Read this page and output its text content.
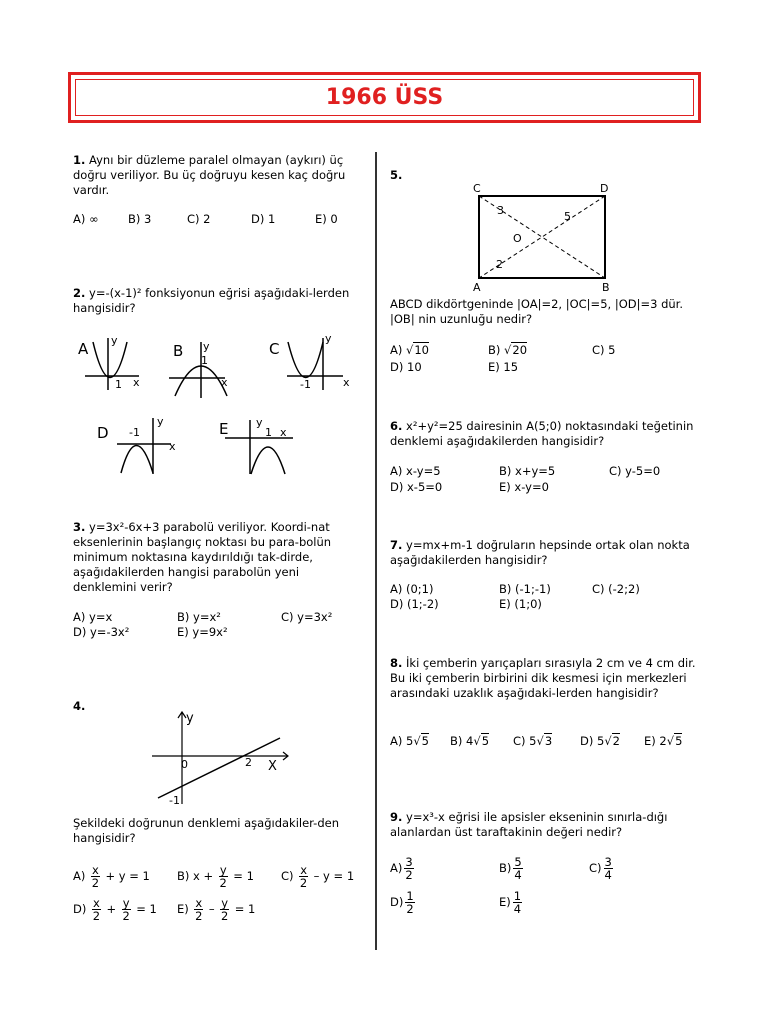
1966 ÜSS
1. Aynı bir düzleme paralel olmayan (aykırı) üç doğru veriliyor. Bu üç doğruyu kesen kaç doğru vardır.
A) ∞	B) 3	C) 2	D) 1	E) 0
2. y=-(x-1)² fonksiyonun eğrisi aşağıdaki-lerden hangisidir?
A y
x
1
B y
1
x
C
y
-1	x
D
y
-1
x
E	y
1 x
3. y=3x²-6x+3 parabolü veriliyor. Koordi-nat eksenlerinin başlangıç noktası bu para-bolün minimum noktasına kaydırıldığı tak-dirde, aşağıdakilerden hangisi parabolün yeni denklemini verir?
A) y=x	B) y=x²	C) y=3x²
D) y=-3x²	E) y=9x²
4.
y
X
0	2
-1
Şekildeki doğrunun denklemi aşağıdakiler-den hangisidir?
$A) \frac{x}{2} + y = 1$ B) $x + \frac{y}{2} = 1$ $C) \frac{x}{2} - y = 1$
$D) \frac{x}{2} + \frac{y}{2} = 1$ $E) \frac{x}{2} - \frac{y}{2} = 1$
5.
C	D
A	B
O
3	5
2
ABCD dikdörtgeninde |OA|=2, |OC|=5, |OD|=3 dür. |OB| nin uzunluğu nedir?
A) √10	B) √20	C) 5
D) 10	E) 15
6. x²+y²=25 dairesinin A(5;0) noktasındaki teğetinin denklemi aşağıdakilerden hangisidir?
A) x-y=5	B) x+y=5	C) y-5=0
D) x-5=0	E) x-y=0
7. y=mx+m-1 doğruların hepsinde ortak olan nokta aşağıdakilerden hangisidir?
A) (0;1)	B) (-1;-1)	C) (-2;2)
D) (1;-2)	E) (1;0)
8. İki çemberin yarıçapları sırasıyla 2 cm ve 4 cm dir. Bu iki çemberin birbirini dik kesmesi için merkezleri arasındaki uzaklık aşağıdaki-lerden hangisidir?
A) 5√5 B) 4√5 C) 5√3 D) 5√2 E) 2√5
9. y=x³-x eğrisi ile apsisler ekseninin sınırla-dığı alanlardan üst taraftakinin değeri nedir?
$A) \frac{3}{2}$	$B) \frac{5}{4}$	$C) \frac{3}{4}$
$D) \frac{1}{2}$	$E) \frac{1}{4}$
